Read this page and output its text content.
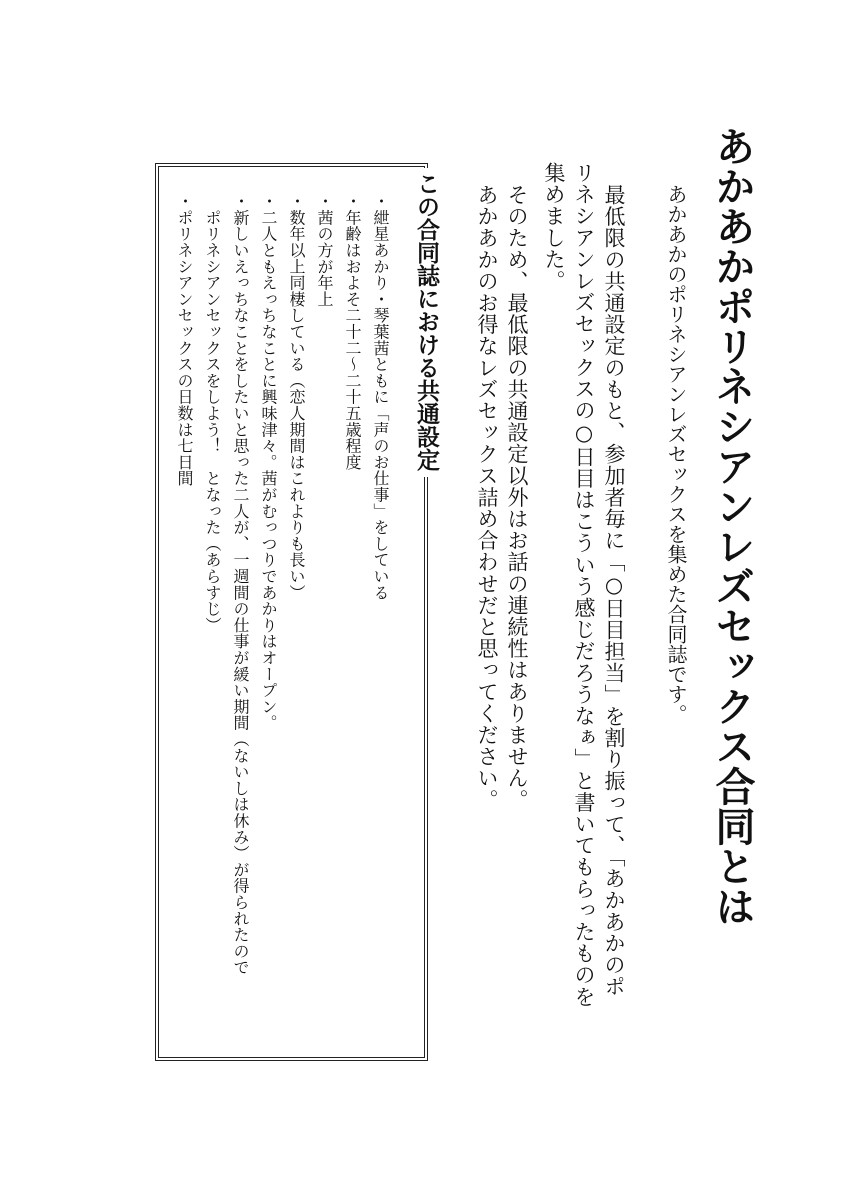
あかあかポリネシアンレズセックス合同とは

あかあかのポリネシアンレズセックスを集めた合同誌です。

最低限の共通設定のもと、参加者毎に「○日目担当」を割り振って、「あかあかのポ

リネシアンレズセックスの○日目はこういう感じだろうなぁ」と書いてもらったものを

集めました。

そのため、最低限の共通設定以外はお話の連続性はありません。

あかあかのお得なレズセックス詰め合わせだと思ってください。

この合同誌における共通設定

・紲星あかり・琴葉茜ともに「声のお仕事」をしている

・年齢はおよそ二十二〜二十五歳程度

・茜の方が年上

・数年以上同棲している（恋人期間はこれよりも長い）

・二人ともえっちなことに興味津々。茜がむっつりであかりはオープン。

・新しいえっちなことをしたいと思った二人が、一週間の仕事が緩い期間（ないしは休み）が得られたので

　ポリネシアンセックスをしよう！　となった（あらすじ）

・ポリネシアンセックスの日数は七日間
